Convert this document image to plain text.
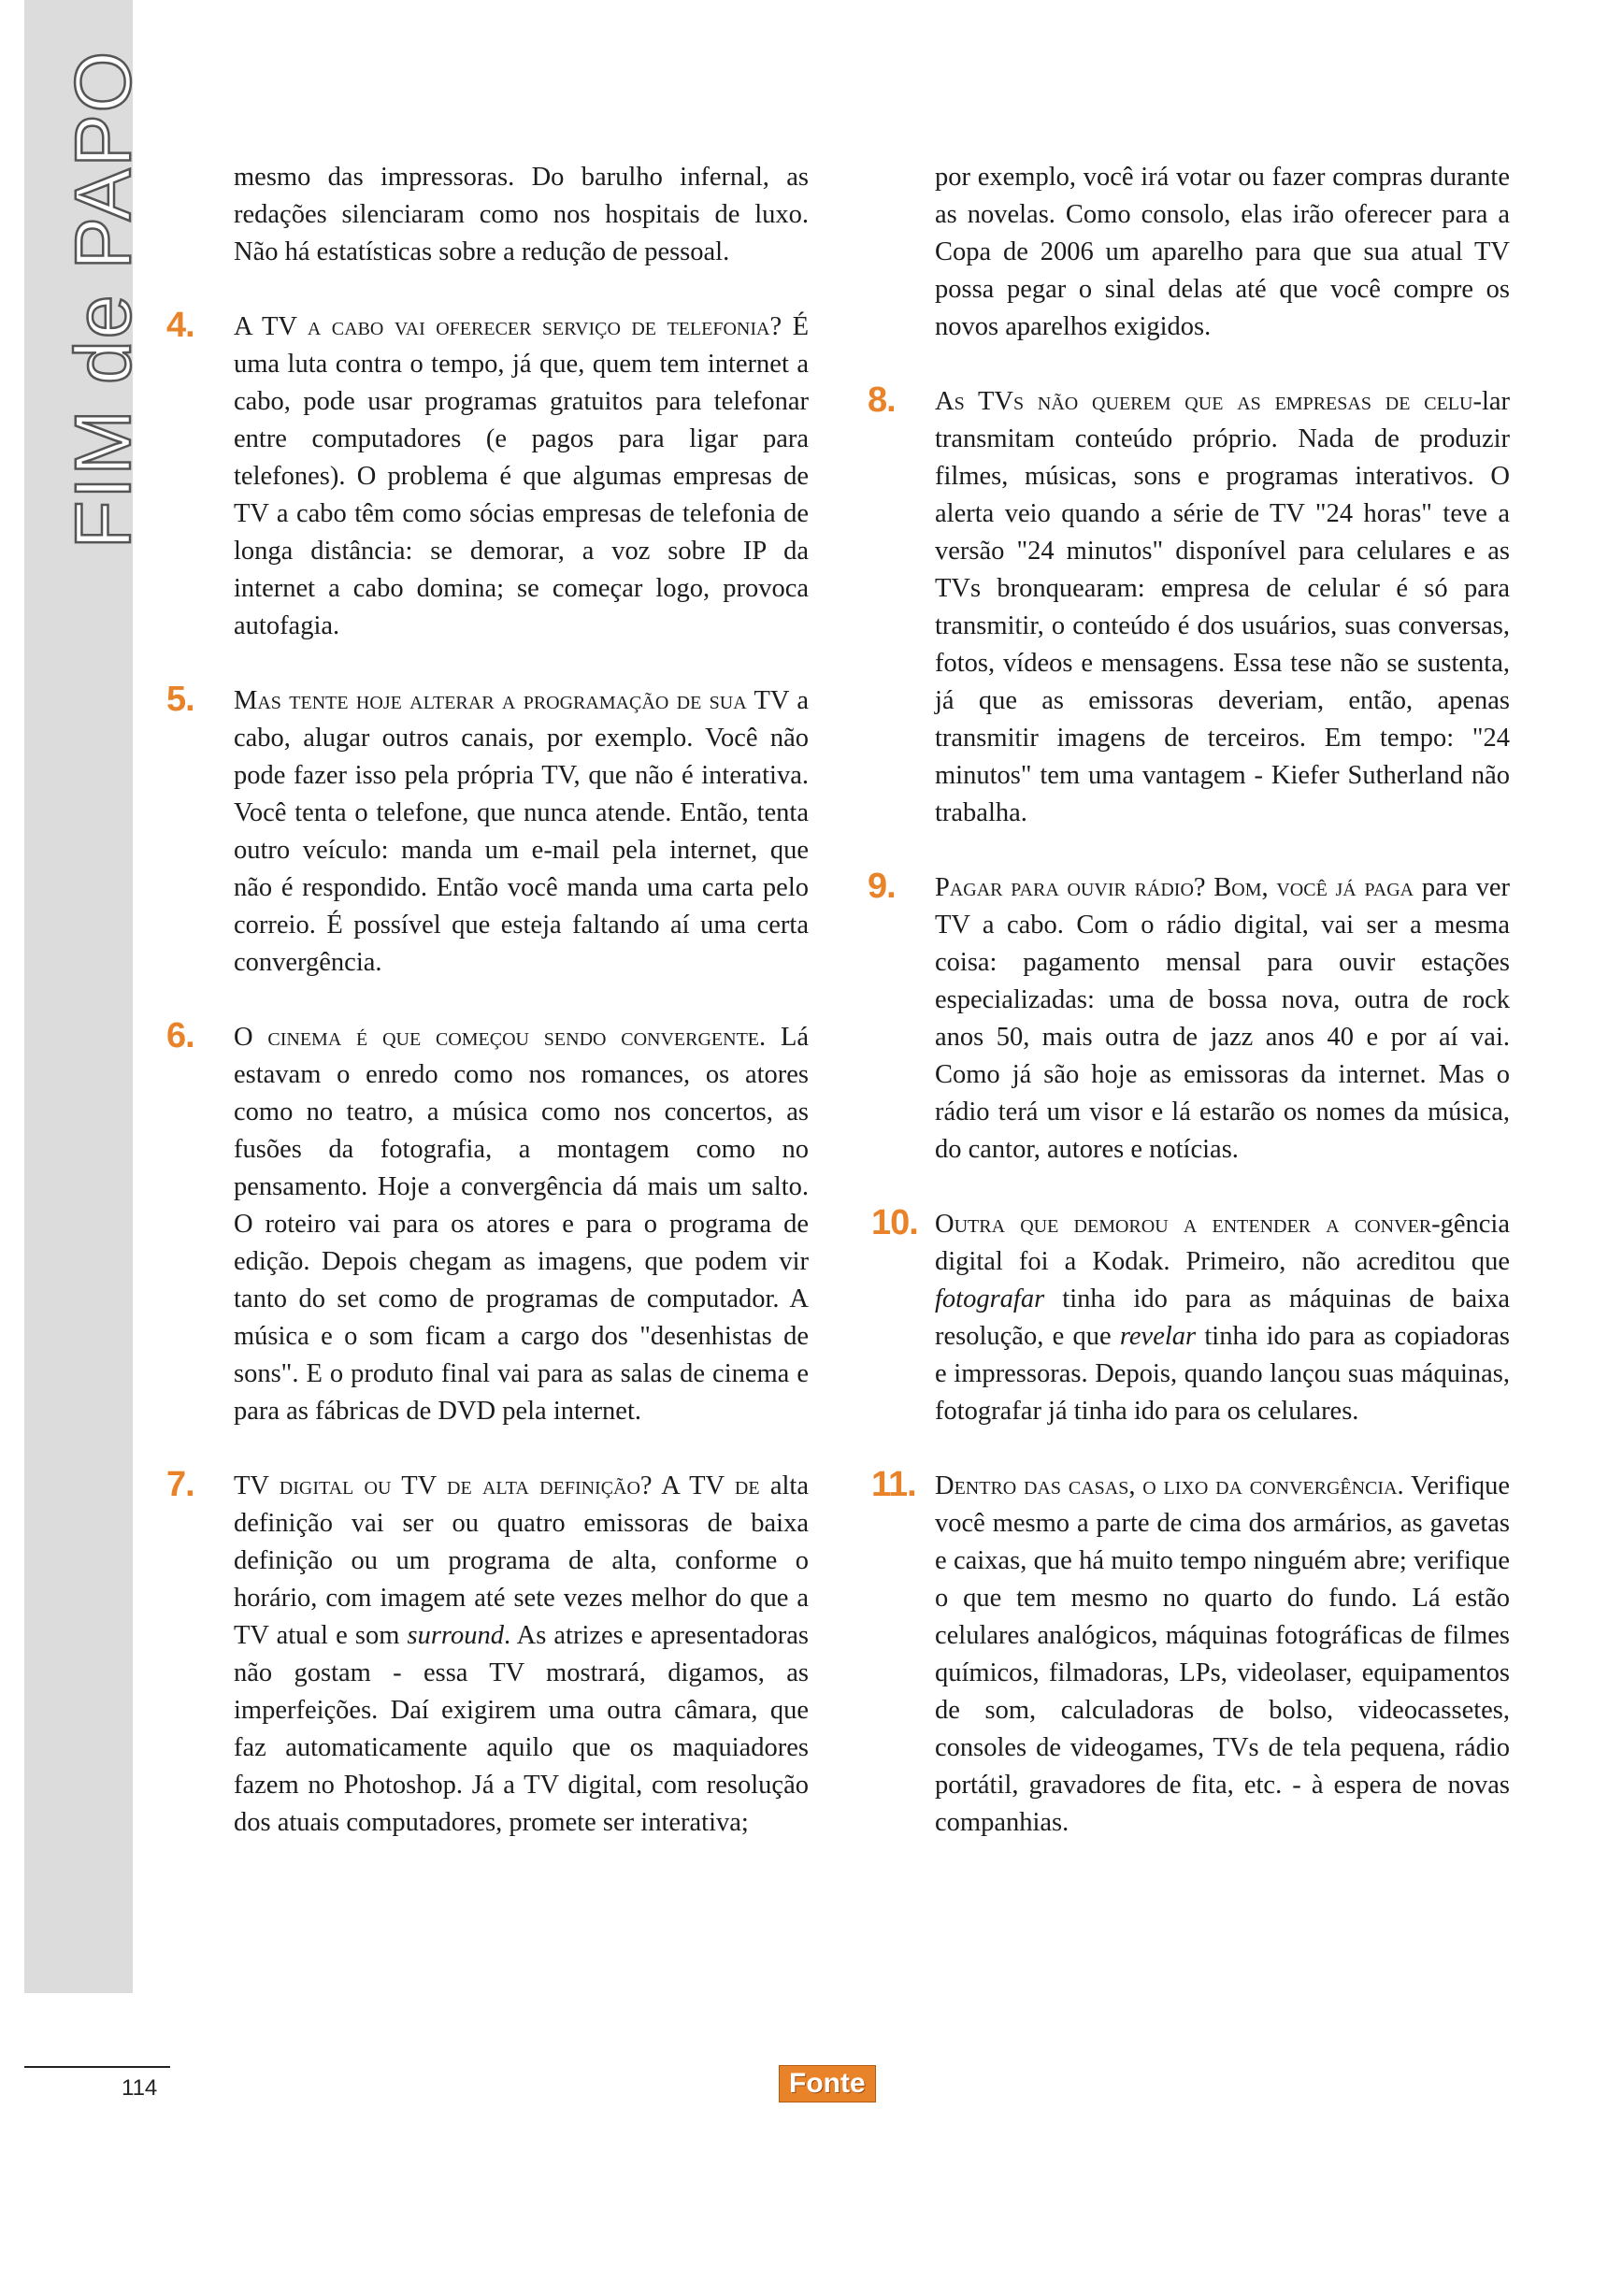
FIM de PAPO	mesmo das impressoras. Do barulho infernal, as redações silenciaram como nos hospitais de luxo. Não há estatísticas sobre a redução de pessoal.

4. A TV a cabo vai oferecer serviço de telefonia? É uma luta contra o tempo, já que, quem tem internet a cabo, pode usar programas gratuitos para telefonar entre computadores (e pagos para ligar para telefones). O problema é que algumas empresas de TV a cabo têm como sócias empresas de telefonia de longa distância: se demorar, a voz sobre IP da internet a cabo domina; se começar logo, provoca autofagia.
5. Mas tente hoje alterar a programação de sua TV a cabo, alugar outros canais, por exemplo. Você não pode fazer isso pela própria TV, que não é interativa. Você tenta o telefone, que nunca atende. Então, tenta outro veículo: manda um e-mail pela internet, que não é respondido. Então você manda uma carta pelo correio. É possível que esteja faltando aí uma certa convergência.
6. O cinema é que começou sendo convergente. Lá estavam o enredo como nos romances, os atores como no teatro, a música como nos concertos, as fusões da fotografia, a montagem como no pensamento. Hoje a convergência dá mais um salto. O roteiro vai para os atores e para o programa de edição. Depois chegam as imagens, que podem vir tanto do set como de programas de computador. A música e o som ficam a cargo dos "desenhistas de sons". E o produto final vai para as salas de cinema e para as fábricas de DVD pela internet.
7. TV digital ou TV de alta definição? A TV de alta definição vai ser ou quatro emissoras de baixa definição ou um programa de alta, conforme o horário, com imagem até sete vezes melhor do que a TV atual e som surround. As atrizes e apresentadoras não gostam - essa TV mostrará, digamos, as imperfeições. Daí exigirem uma outra câmara, que faz automaticamente aquilo que os maquiadores fazem no Photoshop. Já a TV digital, com resolução dos atuais computadores, promete ser interativa;

por exemplo, você irá votar ou fazer compras durante as novelas. Como consolo, elas irão oferecer para a Copa de 2006 um aparelho para que sua atual TV possa pegar o sinal delas até que você compre os novos aparelhos exigidos.

8. As TVs não querem que as empresas de celu-lar transmitam conteúdo próprio. Nada de produzir filmes, músicas, sons e programas interativos. O alerta veio quando a série de TV "24 horas" teve a versão "24 minutos" disponível para celulares e as TVs bronquearam: empresa de celular é só para transmitir, o conteúdo é dos usuários, suas conversas, fotos, vídeos e mensagens. Essa tese não se sustenta, já que as emissoras deveriam, então, apenas transmitir imagens de terceiros. Em tempo: "24 minutos" tem uma vantagem - Kiefer Sutherland não trabalha.
9. Pagar para ouvir rádio? Bom, você já paga para ver TV a cabo. Com o rádio digital, vai ser a mesma coisa: pagamento mensal para ouvir estações especializadas: uma de bossa nova, outra de rock anos 50, mais outra de jazz anos 40 e por aí vai. Como já são hoje as emissoras da internet. Mas o rádio terá um visor e lá estarão os nomes da música, do cantor, autores e notícias.
10. Outra que demorou a entender a conver-gência digital foi a Kodak. Primeiro, não acreditou que fotografar tinha ido para as máquinas de baixa resolução, e que revelar tinha ido para as copiadoras e impressoras. Depois, quando lançou suas máquinas, fotografar já tinha ido para os celulares.
11. Dentro das casas, o lixo da convergência. Verifique você mesmo a parte de cima dos armários, as gavetas e caixas, que há muito tempo ninguém abre; verifique o que tem mesmo no quarto do fundo. Lá estão celulares analógicos, máquinas fotográficas de filmes químicos, filmadoras, LPs, videolaser, equipamentos de som, calculadoras de bolso, videocassetes, consoles de videogames, TVs de tela pequena, rádio portátil, gravadores de fita, etc. - à espera de novas companhias.
114	Fonte
